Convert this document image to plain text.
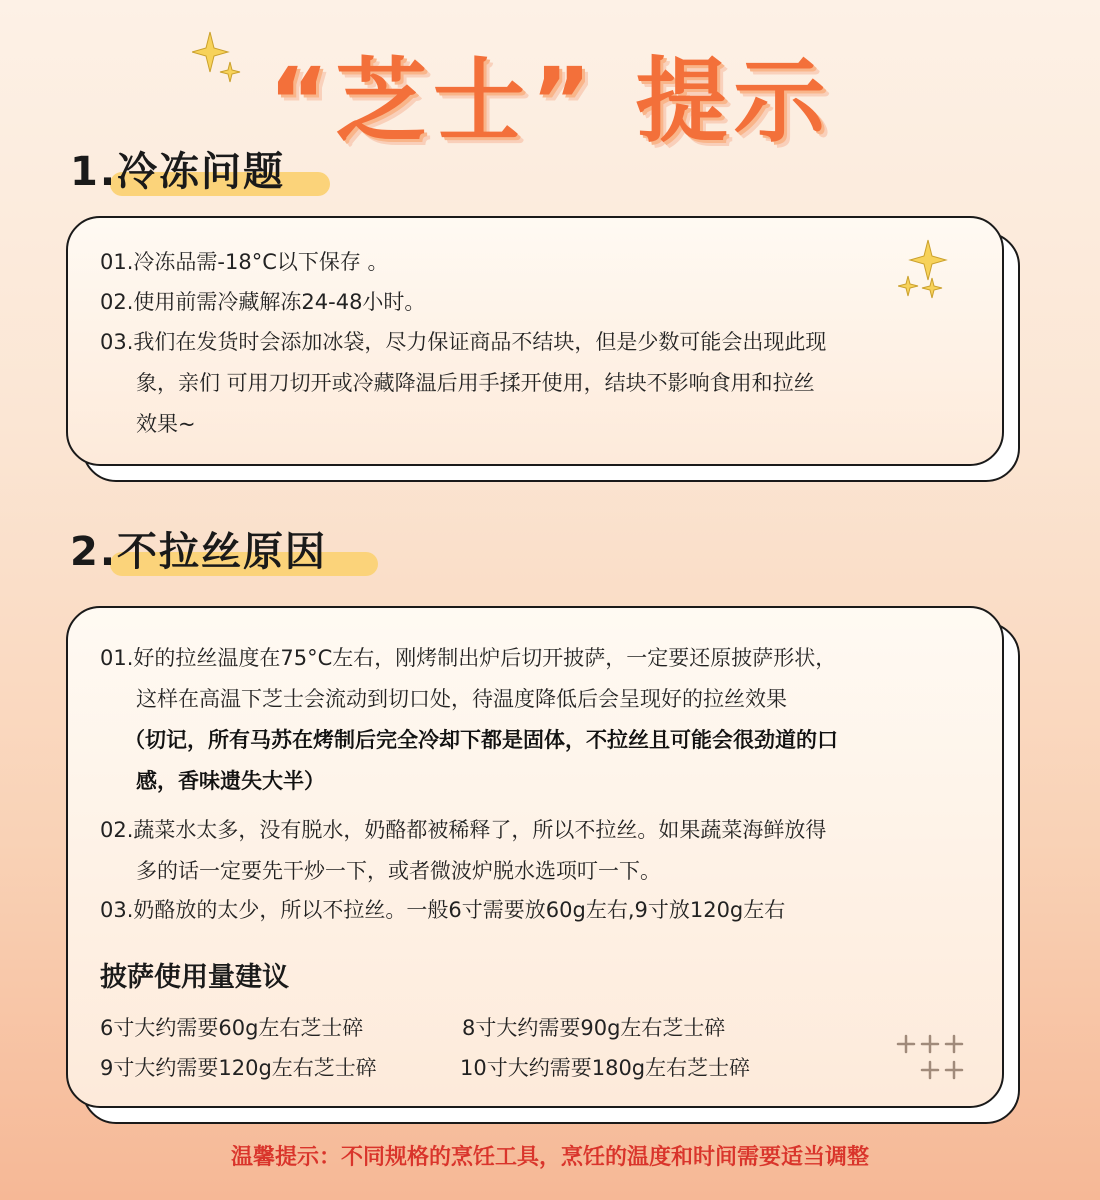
“芝士” 提示
1.冷冻问题
01.冷冻品需-18°C以下保存 。
02.使用前需冷藏解冻24-48小时。
03.我们在发货时会添加冰袋，尽力保证商品不结块，但是少数可能会出现此现
象，亲们 可用刀切开或冷藏降温后用手揉开使用，结块不影响食用和拉丝
效果~
2.不拉丝原因
01.好的拉丝温度在75°C左右，刚烤制出炉后切开披萨，一定要还原披萨形状，
这样在高温下芝士会流动到切口处，待温度降低后会呈现好的拉丝效果
（切记，所有马苏在烤制后完全冷却下都是固体，不拉丝且可能会很劲道的口
感，香味遗失大半）
02.蔬菜水太多，没有脱水，奶酪都被稀释了，所以不拉丝。如果蔬菜海鲜放得
多的话一定要先干炒一下，或者微波炉脱水选项叮一下。
03.奶酪放的太少，所以不拉丝。一般6寸需要放60g左右,9寸放120g左右
披萨使用量建议
6寸大约需要60g左右芝士碎	8寸大约需要90g左右芝士碎
9寸大约需要120g左右芝士碎	10寸大约需要180g左右芝士碎
温馨提示：不同规格的烹饪工具，烹饪的温度和时间需要适当调整
